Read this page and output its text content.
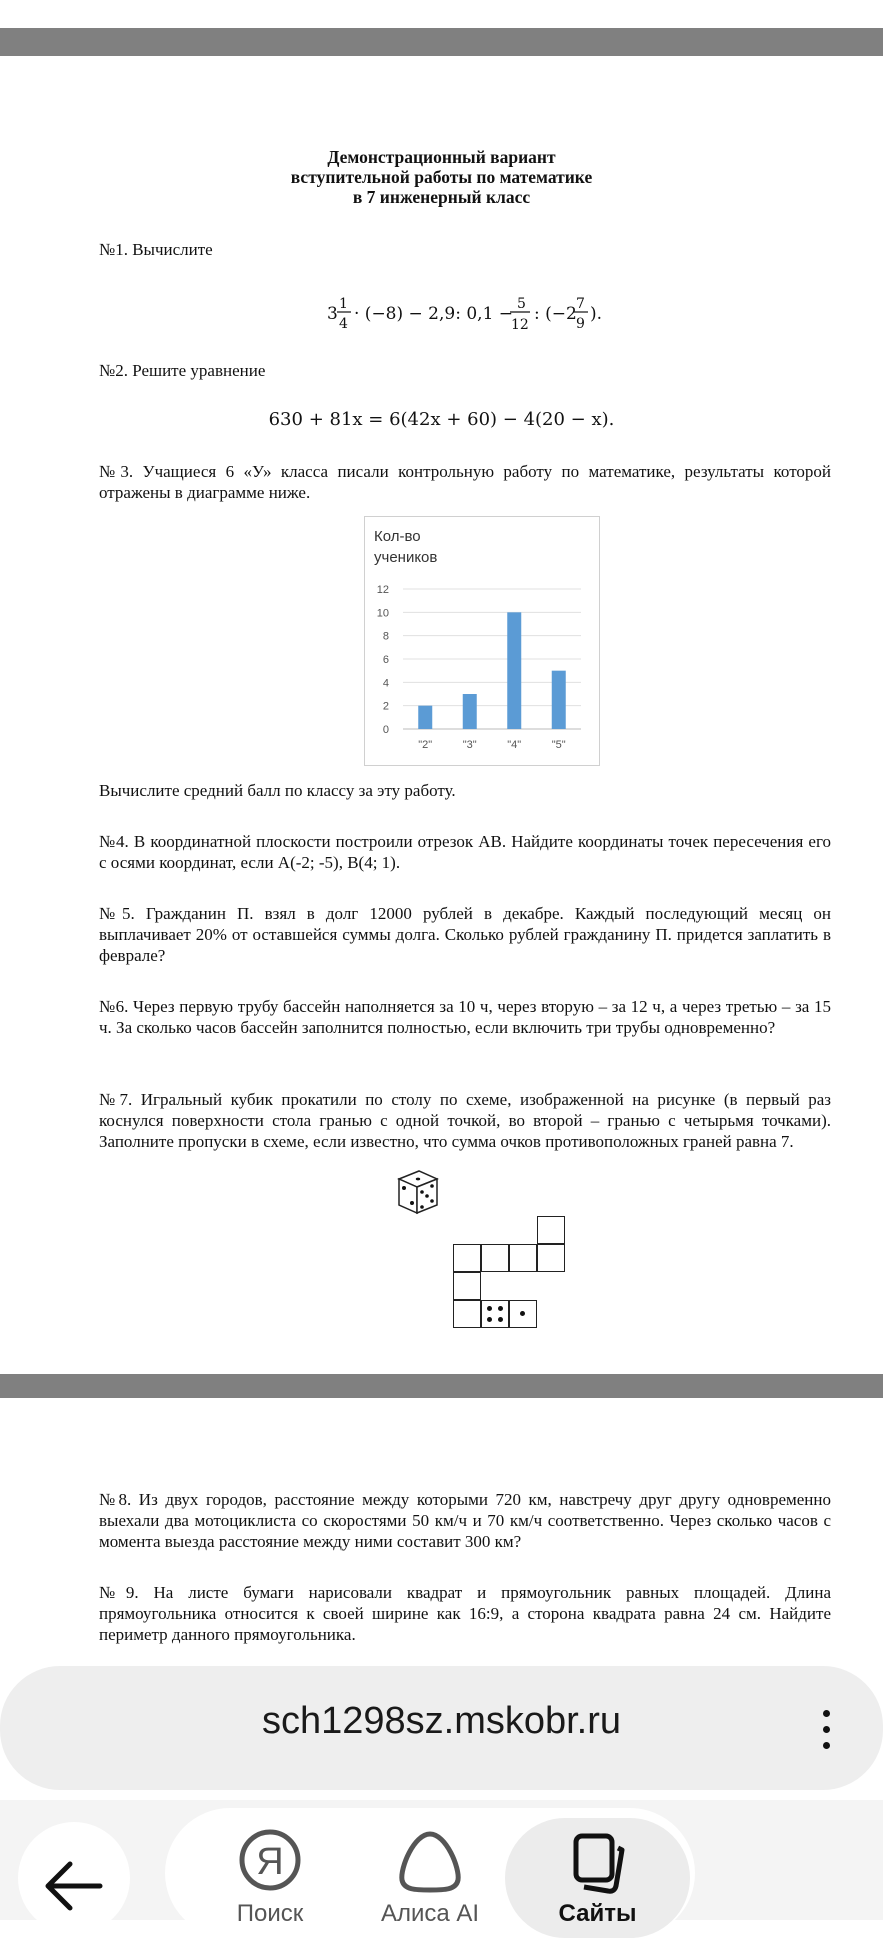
Демонстрационный вариант
вступительной работы по математике
в 7 инженерный класс
№1. Вычислите
3 1
4 · (−8) − 2,9: 0,1 − 5
12
: (−2 7
9 ).
№2. Решите уравнение
630 + 81x = 6(42x + 60) − 4(20 − x).
№3. Учащиеся 6 «У» класса писали контрольную работу по математике, результаты которой отражены в диаграмме ниже.
Кол-во
учеников
0
2
4
6
8
10
12
"2"	"3"	"4"	"5"
Вычислите средний балл по классу за эту работу.
№4. В координатной плоскости построили отрезок AB. Найдите координаты точек пересечения его с осями координат, если A(-2; -5), B(4; 1).
№5. Гражданин П. взял в долг 12000 рублей в декабре. Каждый последующий месяц он выплачивает 20% от оставшейся суммы долга. Сколько рублей гражданину П. придется заплатить в феврале?
№6. Через первую трубу бассейн наполняется за 10 ч, через вторую – за 12 ч, а через третью – за 15 ч. За сколько часов бассейн заполнится полностью, если включить три трубы одновременно?
№7. Игральный кубик прокатили по столу по схеме, изображенной на рисунке (в первый раз коснулся поверхности стола гранью с одной точкой, во второй – гранью с четырьмя точками). Заполните пропуски в схеме, если известно, что сумма очков противоположных граней равна 7.
№8. Из двух городов, расстояние между которыми 720 км, навстречу друг другу одновременно выехали два мотоциклиста со скоростями 50 км/ч и 70 км/ч соответственно. Через сколько часов с момента выезда расстояние между ними составит 300 км?
№9. На листе бумаги нарисовали квадрат и прямоугольник равных площадей. Длина прямоугольника относится к своей ширине как 16:9, а сторона квадрата равна 24 см. Найдите периметр данного прямоугольника.
sch1298sz.mskobr.ru
Я
Поиск	Алиса AI	Сайты
